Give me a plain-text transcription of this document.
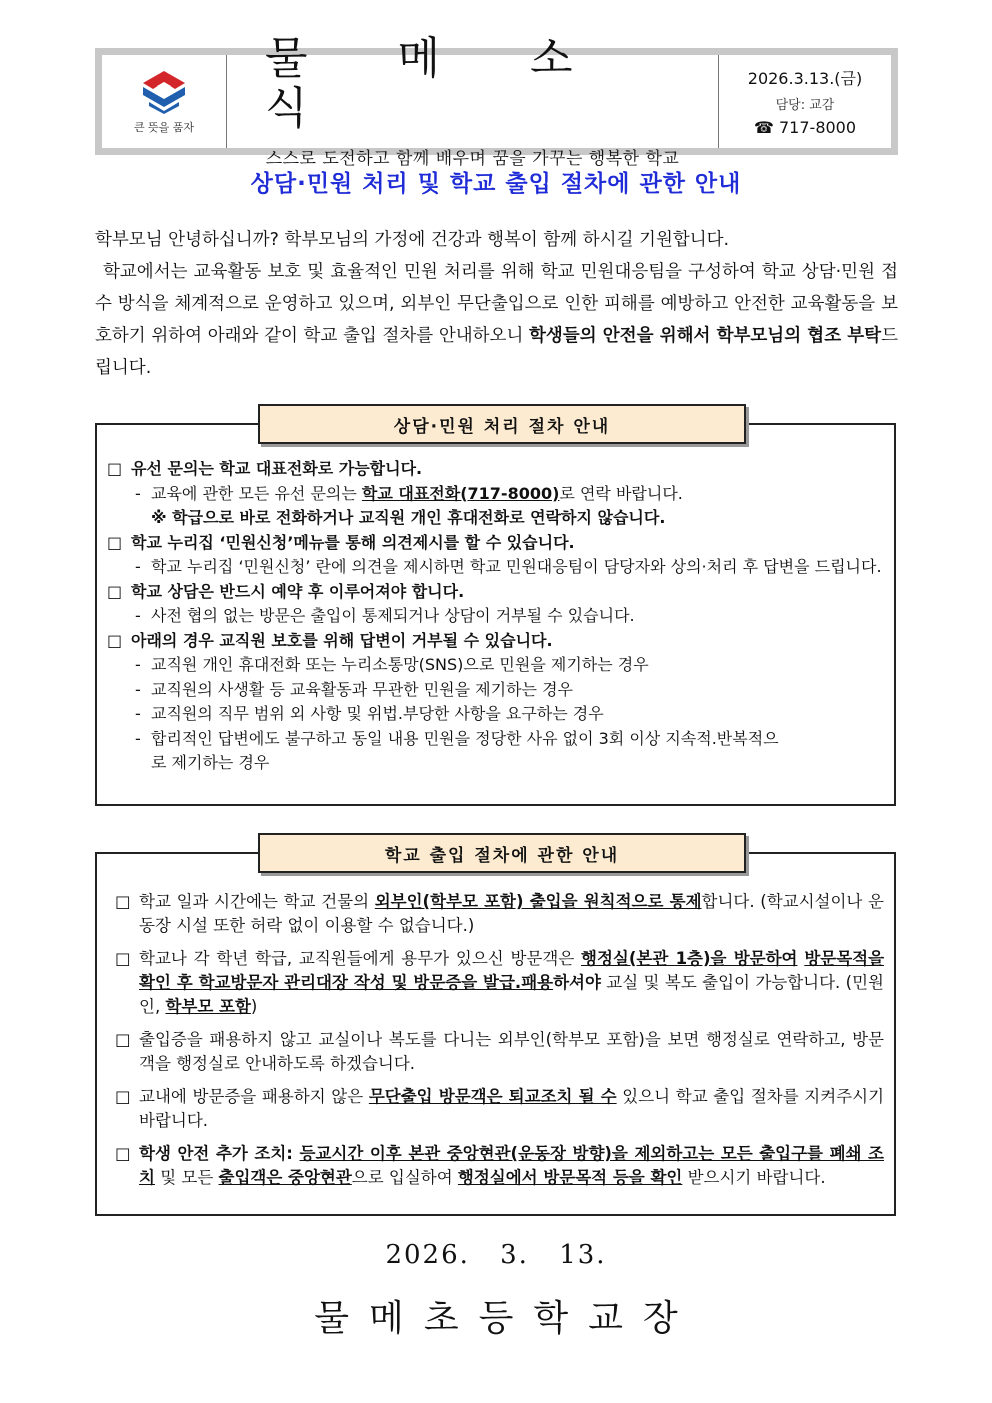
큰 뜻을 품자
물 메 소 식
스스로 도전하고 함께 배우며 꿈을 가꾸는 행복한 학교
2026.3.13.(금)
담당: 교감
☎ 717-8000
상담·민원 처리 및 학교 출입 절차에 관한 안내

학부모님 안녕하십니까? 학부모님의 가정에 건강과 행복이 함께 하시길 기원합니다.

학교에서는 교육활동 보호 및 효율적인 민원 처리를 위해 학교 민원대응팀을 구성하여 학교 상담·민원 접수 방식을 체계적으로 운영하고 있으며, 외부인 무단출입으로 인한 피해를 예방하고 안전한 교육활동을 보호하기 위하여 아래와 같이 학교 출입 절차를 안내하오니 학생들의 안전을 위해서 학부모님의 협조 부탁드립니다.

□ 유선 문의는 학교 대표전화로 가능합니다.
- 교육에 관한 모든 유선 문의는 학교 대표전화(717-8000)로 연락 바랍니다.
※ 학급으로 바로 전화하거나 교직원 개인 휴대전화로 연락하지 않습니다.
□ 학교 누리집 ‘민원신청’메뉴를 통해 의견제시를 할 수 있습니다.
- 학교 누리집 ‘민원신청’ 란에 의견을 제시하면 학교 민원대응팀이 담당자와 상의·처리 후 답변을 드립니다.
□ 학교 상담은 반드시 예약 후 이루어져야 합니다.
- 사전 협의 없는 방문은 출입이 통제되거나 상담이 거부될 수 있습니다.
□ 아래의 경우 교직원 보호를 위해 답변이 거부될 수 있습니다.
- 교직원 개인 휴대전화 또는 누리소통망(SNS)으로 민원을 제기하는 경우
- 교직원의 사생활 등 교육활동과 무관한 민원을 제기하는 경우
- 교직원의 직무 범위 외 사항 및 위법.부당한 사항을 요구하는 경우
- 합리적인 답변에도 불구하고 동일 내용 민원을 정당한 사유 없이 3회 이상 지속적.반복적으로 제기하는 경우
상담·민원 처리 절차 안내
□ 학교 일과 시간에는 학교 건물의 외부인(학부모 포함) 출입을 원칙적으로 통제합니다. (학교시설이나 운동장 시설 또한 허락 없이 이용할 수 없습니다.)
□ 학교나 각 학년 학급, 교직원들에게 용무가 있으신 방문객은 행정실(본관 1층)을 방문하여 방문목적을 확인 후 학교방문자 관리대장 작성 및 방문증을 발급.패용하셔야 교실 및 복도 출입이 가능합니다. (민원인, 학부모 포함)
□ 출입증을 패용하지 않고 교실이나 복도를 다니는 외부인(학부모 포함)을 보면 행정실로 연락하고, 방문객을 행정실로 안내하도록 하겠습니다.
□ 교내에 방문증을 패용하지 않은 무단출입 방문객은 퇴교조치 될 수 있으니 학교 출입 절차를 지켜주시기 바랍니다.
□ 학생 안전 추가 조치: 등교시간 이후 본관 중앙현관(운동장 방향)을 제외하고는 모든 출입구를 폐쇄 조치 및 모든 출입객은 중앙현관으로 입실하여 행정실에서 방문목적 등을 확인 받으시기 바랍니다.
학교 출입 절차에 관한 안내
2026. 3. 13.
물메초등학교장
